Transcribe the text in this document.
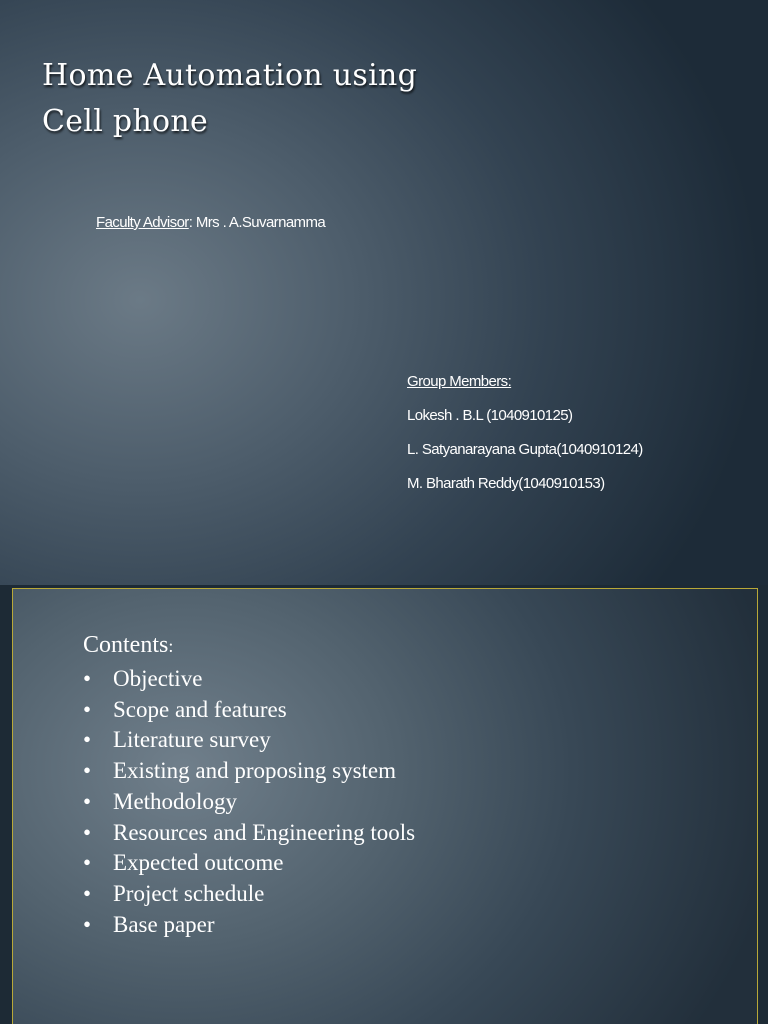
Home Automation using
Cell phone
Faculty Advisor: Mrs . A.Suvarnamma
Group Members:
Lokesh . B.L (1040910125)
L. Satyanarayana Gupta(1040910124)
M. Bharath Reddy(1040910153)
Contents:
• Objective
• Scope and features
• Literature survey
• Existing and proposing system
• Methodology
• Resources and Engineering tools
• Expected outcome
• Project schedule
• Base paper
